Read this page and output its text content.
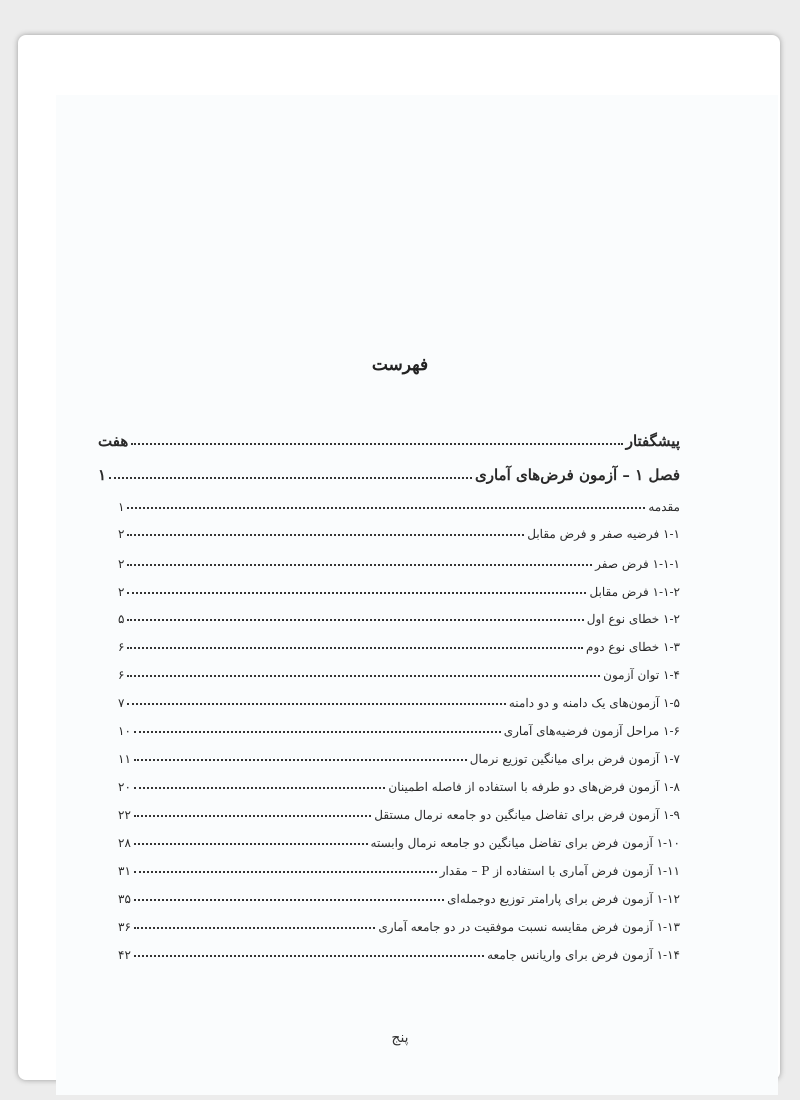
فهرست
پیشگفتار
هفت
فصل ۱ – آزمون فرض‌های آماری
۱
مقدمه
۱
۱-۱ فرضیه صفر و فرض مقابل
۲
۱-۱-۱ فرض صفر
۲
۱-۱-۲ فرض مقابل
۲
۱-۲ خطای نوع اول
۵
۱-۳ خطای نوع دوم
۶
۱-۴ توان آزمون
۶
۱-۵ آزمون‌های یک دامنه و دو دامنه
۷
۱-۶ مراحل آزمون فرضیه‌های آماری
۱۰
۱-۷ آزمون فرض برای میانگین توزیع نرمال
۱۱
۱-۸ آزمون فرض‌های دو طرفه با استفاده از فاصله اطمینان
۲۰
۱-۹ آزمون فرض برای تفاضل میانگین دو جامعه نرمال مستقل
۲۲
۱-۱۰ آزمون فرض برای تفاضل میانگین دو جامعه نرمال وابسته
۲۸
۱-۱۱ آزمون فرض آماری با استفاده از P – مقدار
۳۱
۱-۱۲ آزمون فرض برای پارامتر توزیع دوجمله‌ای
۳۵
۱-۱۳ آزمون فرض مقایسه نسبت موفقیت در دو جامعه آماری
۳۶
۱-۱۴ آزمون فرض برای واریانس جامعه
۴۲
پنج
